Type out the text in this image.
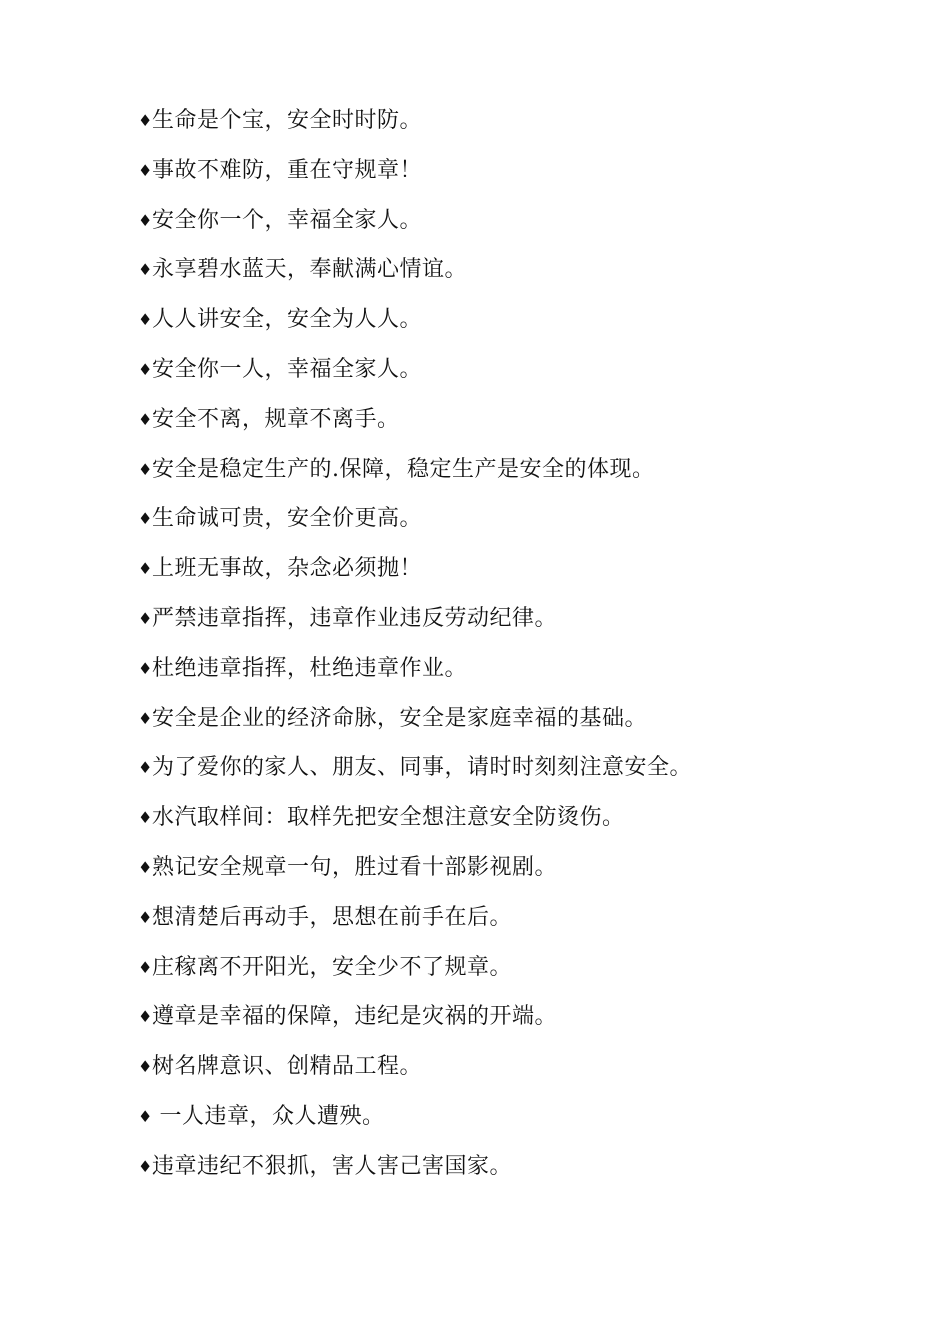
♦生命是个宝，安全时时防。
♦事故不难防，重在守规章！
♦安全你一个，幸福全家人。
♦永享碧水蓝天，奉献满心情谊。
♦人人讲安全，安全为人人。
♦安全你一人，幸福全家人。
♦安全不离，规章不离手。
♦安全是稳定生产的.保障，稳定生产是安全的体现。
♦生命诚可贵，安全价更高。
♦上班无事故，杂念必须抛！
♦严禁违章指挥，违章作业违反劳动纪律。
♦杜绝违章指挥，杜绝违章作业。
♦安全是企业的经济命脉，安全是家庭幸福的基础。
♦为了爱你的家人、朋友、同事，请时时刻刻注意安全。
♦水汽取样间：取样先把安全想注意安全防烫伤。
♦熟记安全规章一句，胜过看十部影视剧。
♦想清楚后再动手，思想在前手在后。
♦庄稼离不开阳光，安全少不了规章。
♦遵章是幸福的保障，违纪是灾祸的开端。
♦树名牌意识、创精品工程。
♦ 一人违章，众人遭殃。
♦违章违纪不狠抓，害人害己害国家。
